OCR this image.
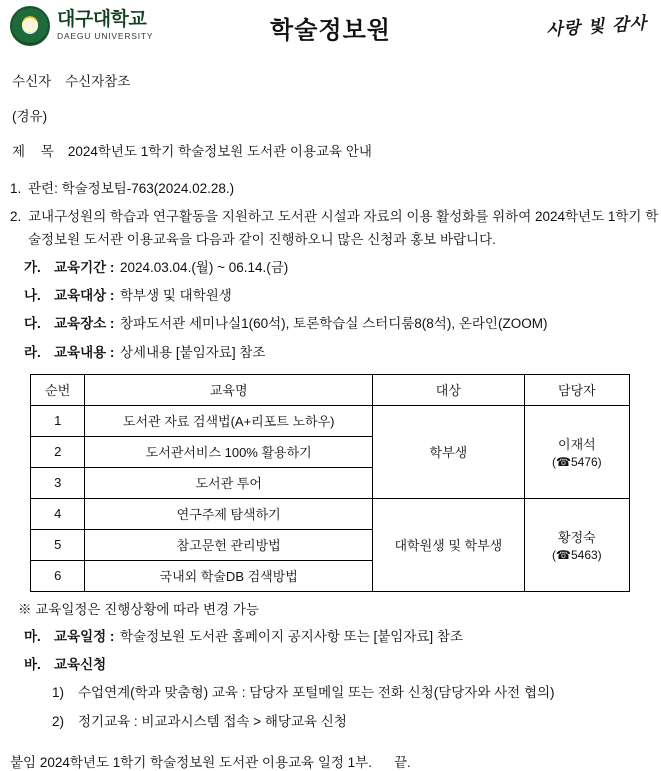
대구대학교
DAEGU UNIVERSITY	학술정보원	사랑 빛 감사
수신자 수신자참조
(경유)
제 목 2024학년도 1학기 학술정보원 도서관 이용교육 안내
1. 관련: 학술정보팀-763(2024.02.28.)
2. 교내구성원의 학습과 연구활동을 지원하고 도서관 시설과 자료의 이용 활성화를 위하여 2024학년도 1학기 학술정보원 도서관 이용교육을 다음과 같이 진행하오니 많은 신청과 홍보 바랍니다.
가. 교육기간 : 2024.03.04.(월) ~ 06.14.(금)
나. 교육대상 : 학부생 및 대학원생
다. 교육장소 : 창파도서관 세미나실1(60석), 토론학습실 스터디룸8(8석), 온라인(ZOOM)
라. 교육내용 : 상세내용 [붙임자료] 참조
순번	교육명	대상	담당자
1	도서관 자료 검색법(A+리포트 노하우)	학부생	이재석
(☎5476)

2	도서관서비스 100% 활용하기		
3	도서관 투어		
4	연구주제 탐색하기	대학원생 및 학부생	황정숙
(☎5463)

5	참고문헌 관리방법		
6	국내외 학술DB 검색방법		
※ 교육일정은 진행상황에 따라 변경 가능
마. 교육일정 : 학술정보원 도서관 홈페이지 공지사항 또는 [붙임자료] 참조
바. 교육신청
1)	수업연계(학과 맞춤형) 교육 : 담당자 포털메일 또는 전화 신청(담당자와 사전 협의)
2)	정기교육 : 비교과시스템 접속 > 해당교육 신청
붙임 2024학년도 1학기 학술정보원 도서관 이용교육 일정 1부. 끝.
